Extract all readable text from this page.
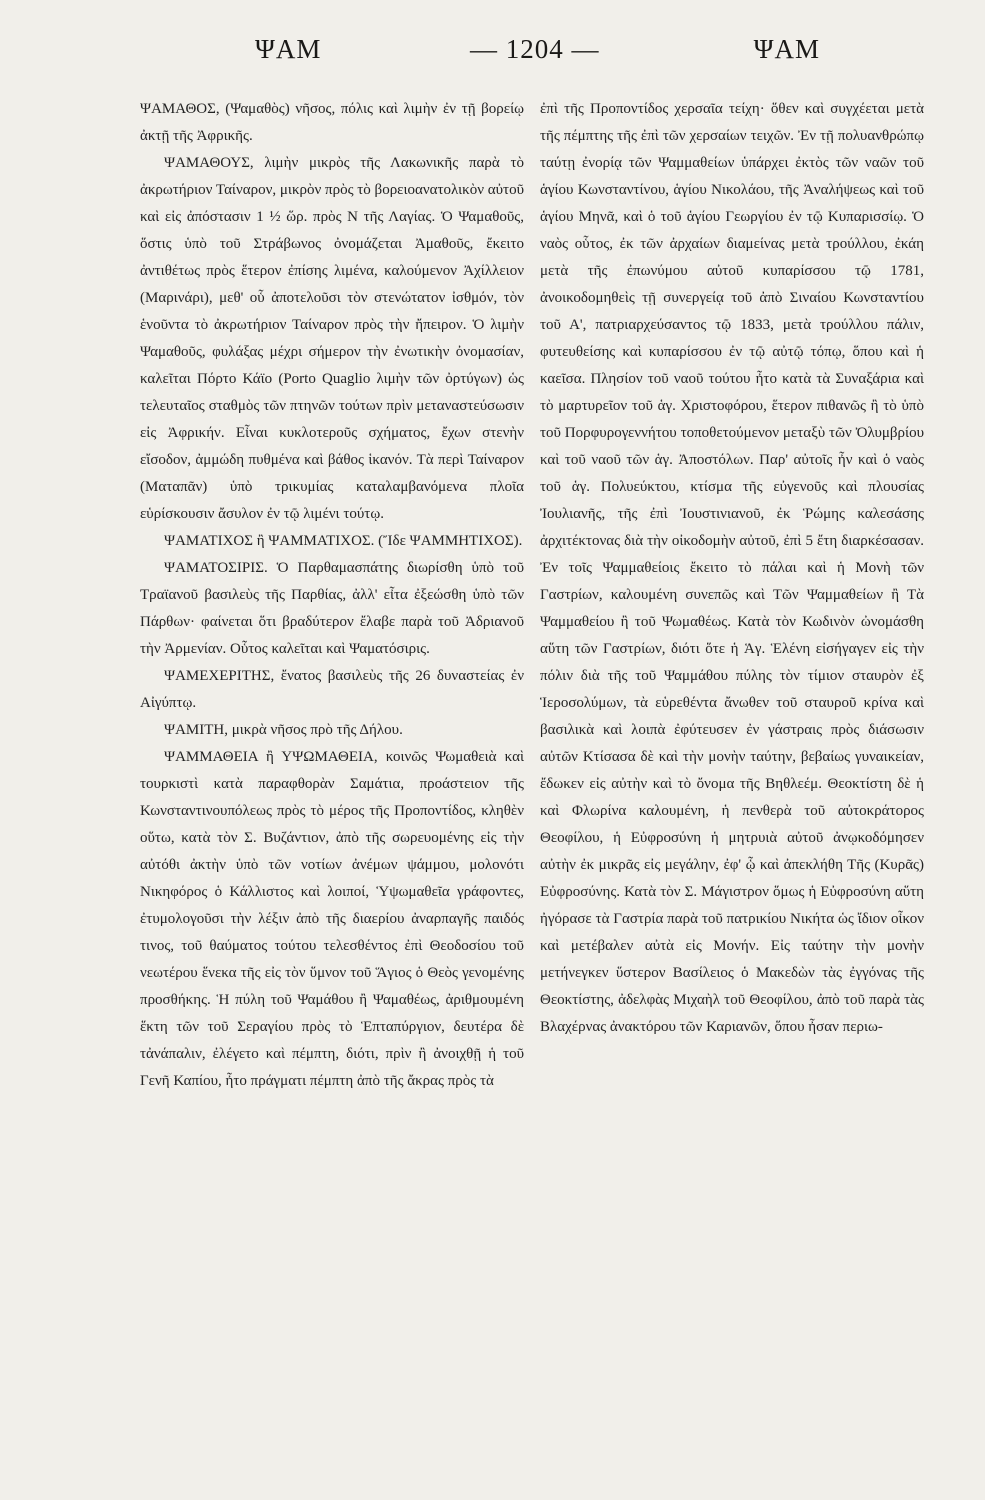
ΨΑΜ	— 1204 —	ΨΑΜ

ΨΑΜΑΘΟΣ, (Ψαμαθὸς) νῆσος, πόλις καὶ λιμὴν ἐν τῇ βορείῳ ἀκτῇ τῆς Ἀφρικῆς.

ΨΑΜΑΘΟΥΣ, λιμὴν μικρὸς τῆς Λακωνικῆς παρὰ τὸ ἀκρωτήριον Ταίναρον, μικρὸν πρὸς τὸ βορειοανατολικὸν αὐτοῦ καὶ εἰς ἀπόστασιν 1 ½ ὥρ. πρὸς Ν τῆς Λαγίας. Ὁ Ψαμαθοῦς, ὅστις ὑπὸ τοῦ Στράβωνος ὀνομάζεται Ἀμαθοῦς, ἔκειτο ἀντιθέτως πρὸς ἕτερον ἐπίσης λιμένα, καλούμενον Ἀχίλλειον (Μαρινάρι), μεθ' οὗ ἀποτελοῦσι τὸν στενώτατον ἰσθμόν, τὸν ἑνοῦντα τὸ ἀκρωτήριον Ταίναρον πρὸς τὴν ἤπειρον. Ὁ λιμὴν Ψαμαθοῦς, φυλάξας μέχρι σήμερον τὴν ἐνωτικὴν ὀνομασίαν, καλεῖται Πόρτο Κάϊο (Porto Quaglio λιμὴν τῶν ὀρτύγων) ὡς τελευταῖος σταθμὸς τῶν πτηνῶν τούτων πρὶν μεταναστεύσωσιν εἰς Ἀφρικήν. Εἶναι κυκλοτεροῦς σχήματος, ἔχων στενὴν εἴσοδον, ἀμμώδη πυθμένα καὶ βάθος ἱκανόν. Τὰ περὶ Ταίναρον (Ματαπᾶν) ὑπὸ τρικυμίας καταλαμβανόμενα πλοῖα εὑρίσκουσιν ἄσυλον ἐν τῷ λιμένι τούτῳ.

ΨΑΜΑΤΙΧΟΣ ἢ ΨΑΜΜΑΤΙΧΟΣ. (Ἴδε ΨΑΜΜΗΤΙΧΟΣ).

ΨΑΜΑΤΟΣΙΡΙΣ. Ὁ Παρθαμασπάτης διωρίσθη ὑπὸ τοῦ Τραϊανοῦ βασιλεὺς τῆς Παρθίας, ἀλλ' εἶτα ἐξεώσθη ὑπὸ τῶν Πάρθων· φαίνεται ὅτι βραδύτερον ἔλαβε παρὰ τοῦ Ἀδριανοῦ τὴν Ἀρμενίαν. Οὗτος καλεῖται καὶ Ψαματόσιρις.

ΨΑΜΕΧΕΡΙΤΗΣ, ἔνατος βασιλεὺς τῆς 26 δυναστείας ἐν Αἰγύπτῳ.

ΨΑΜΙΤΗ, μικρὰ νῆσος πρὸ τῆς Δήλου.

ΨΑΜΜΑΘΕΙΑ ἢ ΥΨΩΜΑΘΕΙΑ, κοινῶς Ψωμαθειὰ καὶ τουρκιστὶ κατὰ παραφθορὰν Σαμάτια, προάστειον τῆς Κωνσταντινουπόλεως πρὸς τὸ μέρος τῆς Προποντίδος, κληθὲν οὕτω, κατὰ τὸν Σ. Βυζάντιον, ἀπὸ τῆς σωρευομένης εἰς τὴν αὐτόθι ἀκτὴν ὑπὸ τῶν νοτίων ἀνέμων ψάμμου, μολονότι Νικηφόρος ὁ Κάλλιστος καὶ λοιποί, Ὑψωμαθεῖα γράφοντες, ἐτυμολογοῦσι τὴν λέξιν ἀπὸ τῆς διαερίου ἀναρπαγῆς παιδός τινος, τοῦ θαύματος τούτου τελεσθέντος ἐπὶ Θεοδοσίου τοῦ νεωτέρου ἕνεκα τῆς εἰς τὸν ὕμνον τοῦ Ἅγιος ὁ Θεὸς γενομένης προσθήκης. Ἡ πύλη τοῦ Ψαμάθου ἢ Ψαμαθέως, ἀριθμουμένη ἕκτη τῶν τοῦ Σεραγίου πρὸς τὸ Ἑπταπύργιον, δευτέρα δὲ τἀνάπαλιν, ἐλέγετο καὶ πέμπτη, διότι, πρὶν ἢ ἀνοιχθῇ ἡ τοῦ Γενῆ Καπίου, ἦτο πράγματι πέμπτη ἀπὸ τῆς ἄκρας πρὸς τὰ

ἐπὶ τῆς Προποντίδος χερσαῖα τείχη· ὅθεν καὶ συγχέεται μετὰ τῆς πέμπτης τῆς ἐπὶ τῶν χερσαίων τειχῶν. Ἐν τῇ πολυανθρώπῳ ταύτῃ ἐνορίᾳ τῶν Ψαμμαθείων ὑπάρχει ἐκτὸς τῶν ναῶν τοῦ ἁγίου Κωνσταντίνου, ἁγίου Νικολάου, τῆς Ἀναλήψεως καὶ τοῦ ἁγίου Μηνᾶ, καὶ ὁ τοῦ ἁγίου Γεωργίου ἐν τῷ Κυπαρισσίῳ. Ὁ ναὸς οὗτος, ἐκ τῶν ἀρχαίων διαμείνας μετὰ τρούλλου, ἐκάη μετὰ τῆς ἐπωνύμου αὐτοῦ κυπαρίσσου τῷ 1781, ἀνοικοδομηθεὶς τῇ συνεργείᾳ τοῦ ἀπὸ Σιναίου Κωνσταντίου τοῦ Α', πατριαρχεύσαντος τῷ 1833, μετὰ τρούλλου πάλιν, φυτευθείσης καὶ κυπαρίσσου ἐν τῷ αὐτῷ τόπῳ, ὅπου καὶ ἡ καεῖσα. Πλησίον τοῦ ναοῦ τούτου ἦτο κατὰ τὰ Συναξάρια καὶ τὸ μαρτυρεῖον τοῦ ἁγ. Χριστοφόρου, ἕτερον πιθανῶς ἢ τὸ ὑπὸ τοῦ Πορφυρογεννήτου τοποθετούμενον μεταξὺ τῶν Ὀλυμβρίου καὶ τοῦ ναοῦ τῶν ἁγ. Ἀποστόλων. Παρ' αὐτοῖς ἦν καὶ ὁ ναὸς τοῦ ἁγ. Πολυεύκτου, κτίσμα τῆς εὐγενοῦς καὶ πλουσίας Ἰουλιανῆς, τῆς ἐπὶ Ἰουστινιανοῦ, ἐκ Ῥώμης καλεσάσης ἀρχιτέκτονας διὰ τὴν οἰκοδομὴν αὐτοῦ, ἐπὶ 5 ἔτη διαρκέσασαν. Ἐν τοῖς Ψαμμαθείοις ἔκειτο τὸ πάλαι καὶ ἡ Μονὴ τῶν Γαστρίων, καλουμένη συνεπῶς καὶ Τῶν Ψαμμαθείων ἢ Τὰ Ψαμμαθείου ἢ τοῦ Ψωμαθέως. Κατὰ τὸν Κωδινὸν ὠνομάσθη αὕτη τῶν Γαστρίων, διότι ὅτε ἡ Ἁγ. Ἑλένη εἰσήγαγεν εἰς τὴν πόλιν διὰ τῆς τοῦ Ψαμμάθου πύλης τὸν τίμιον σταυρὸν ἐξ Ἱεροσολύμων, τὰ εὑρεθέντα ἄνωθεν τοῦ σταυροῦ κρίνα καὶ βασιλικὰ καὶ λοιπὰ ἐφύτευσεν ἐν γάστραις πρὸς διάσωσιν αὐτῶν Κτίσασα δὲ καὶ τὴν μονὴν ταύτην, βεβαίως γυναικείαν, ἔδωκεν εἰς αὐτὴν καὶ τὸ ὄνομα τῆς Βηθλεέμ. Θεοκτίστη δὲ ἡ καὶ Φλωρίνα καλουμένη, ἡ πενθερὰ τοῦ αὐτοκράτορος Θεοφίλου, ἡ Εὐφροσύνη ἡ μητρυιὰ αὐτοῦ ἀνῳκοδόμησεν αὐτὴν ἐκ μικρᾶς εἰς μεγάλην, ἐφ' ᾧ καὶ ἀπεκλήθη Τῆς (Κυρᾶς) Εὐφροσύνης. Κατὰ τὸν Σ. Μάγιστρον ὅμως ἡ Εὐφροσύνη αὕτη ἠγόρασε τὰ Γαστρία παρὰ τοῦ πατρικίου Νικήτα ὡς ἴδιον οἶκον καὶ μετέβαλεν αὐτὰ εἰς Μονήν. Εἰς ταύτην τὴν μονὴν μετήνεγκεν ὕστερον Βασίλειος ὁ Μακεδὼν τὰς ἐγγόνας τῆς Θεοκτίστης, ἀδελφὰς Μιχαὴλ τοῦ Θεοφίλου, ἀπὸ τοῦ παρὰ τὰς Βλαχέρνας ἀνακτόρου τῶν Καριανῶν, ὅπου ἦσαν περιω-
